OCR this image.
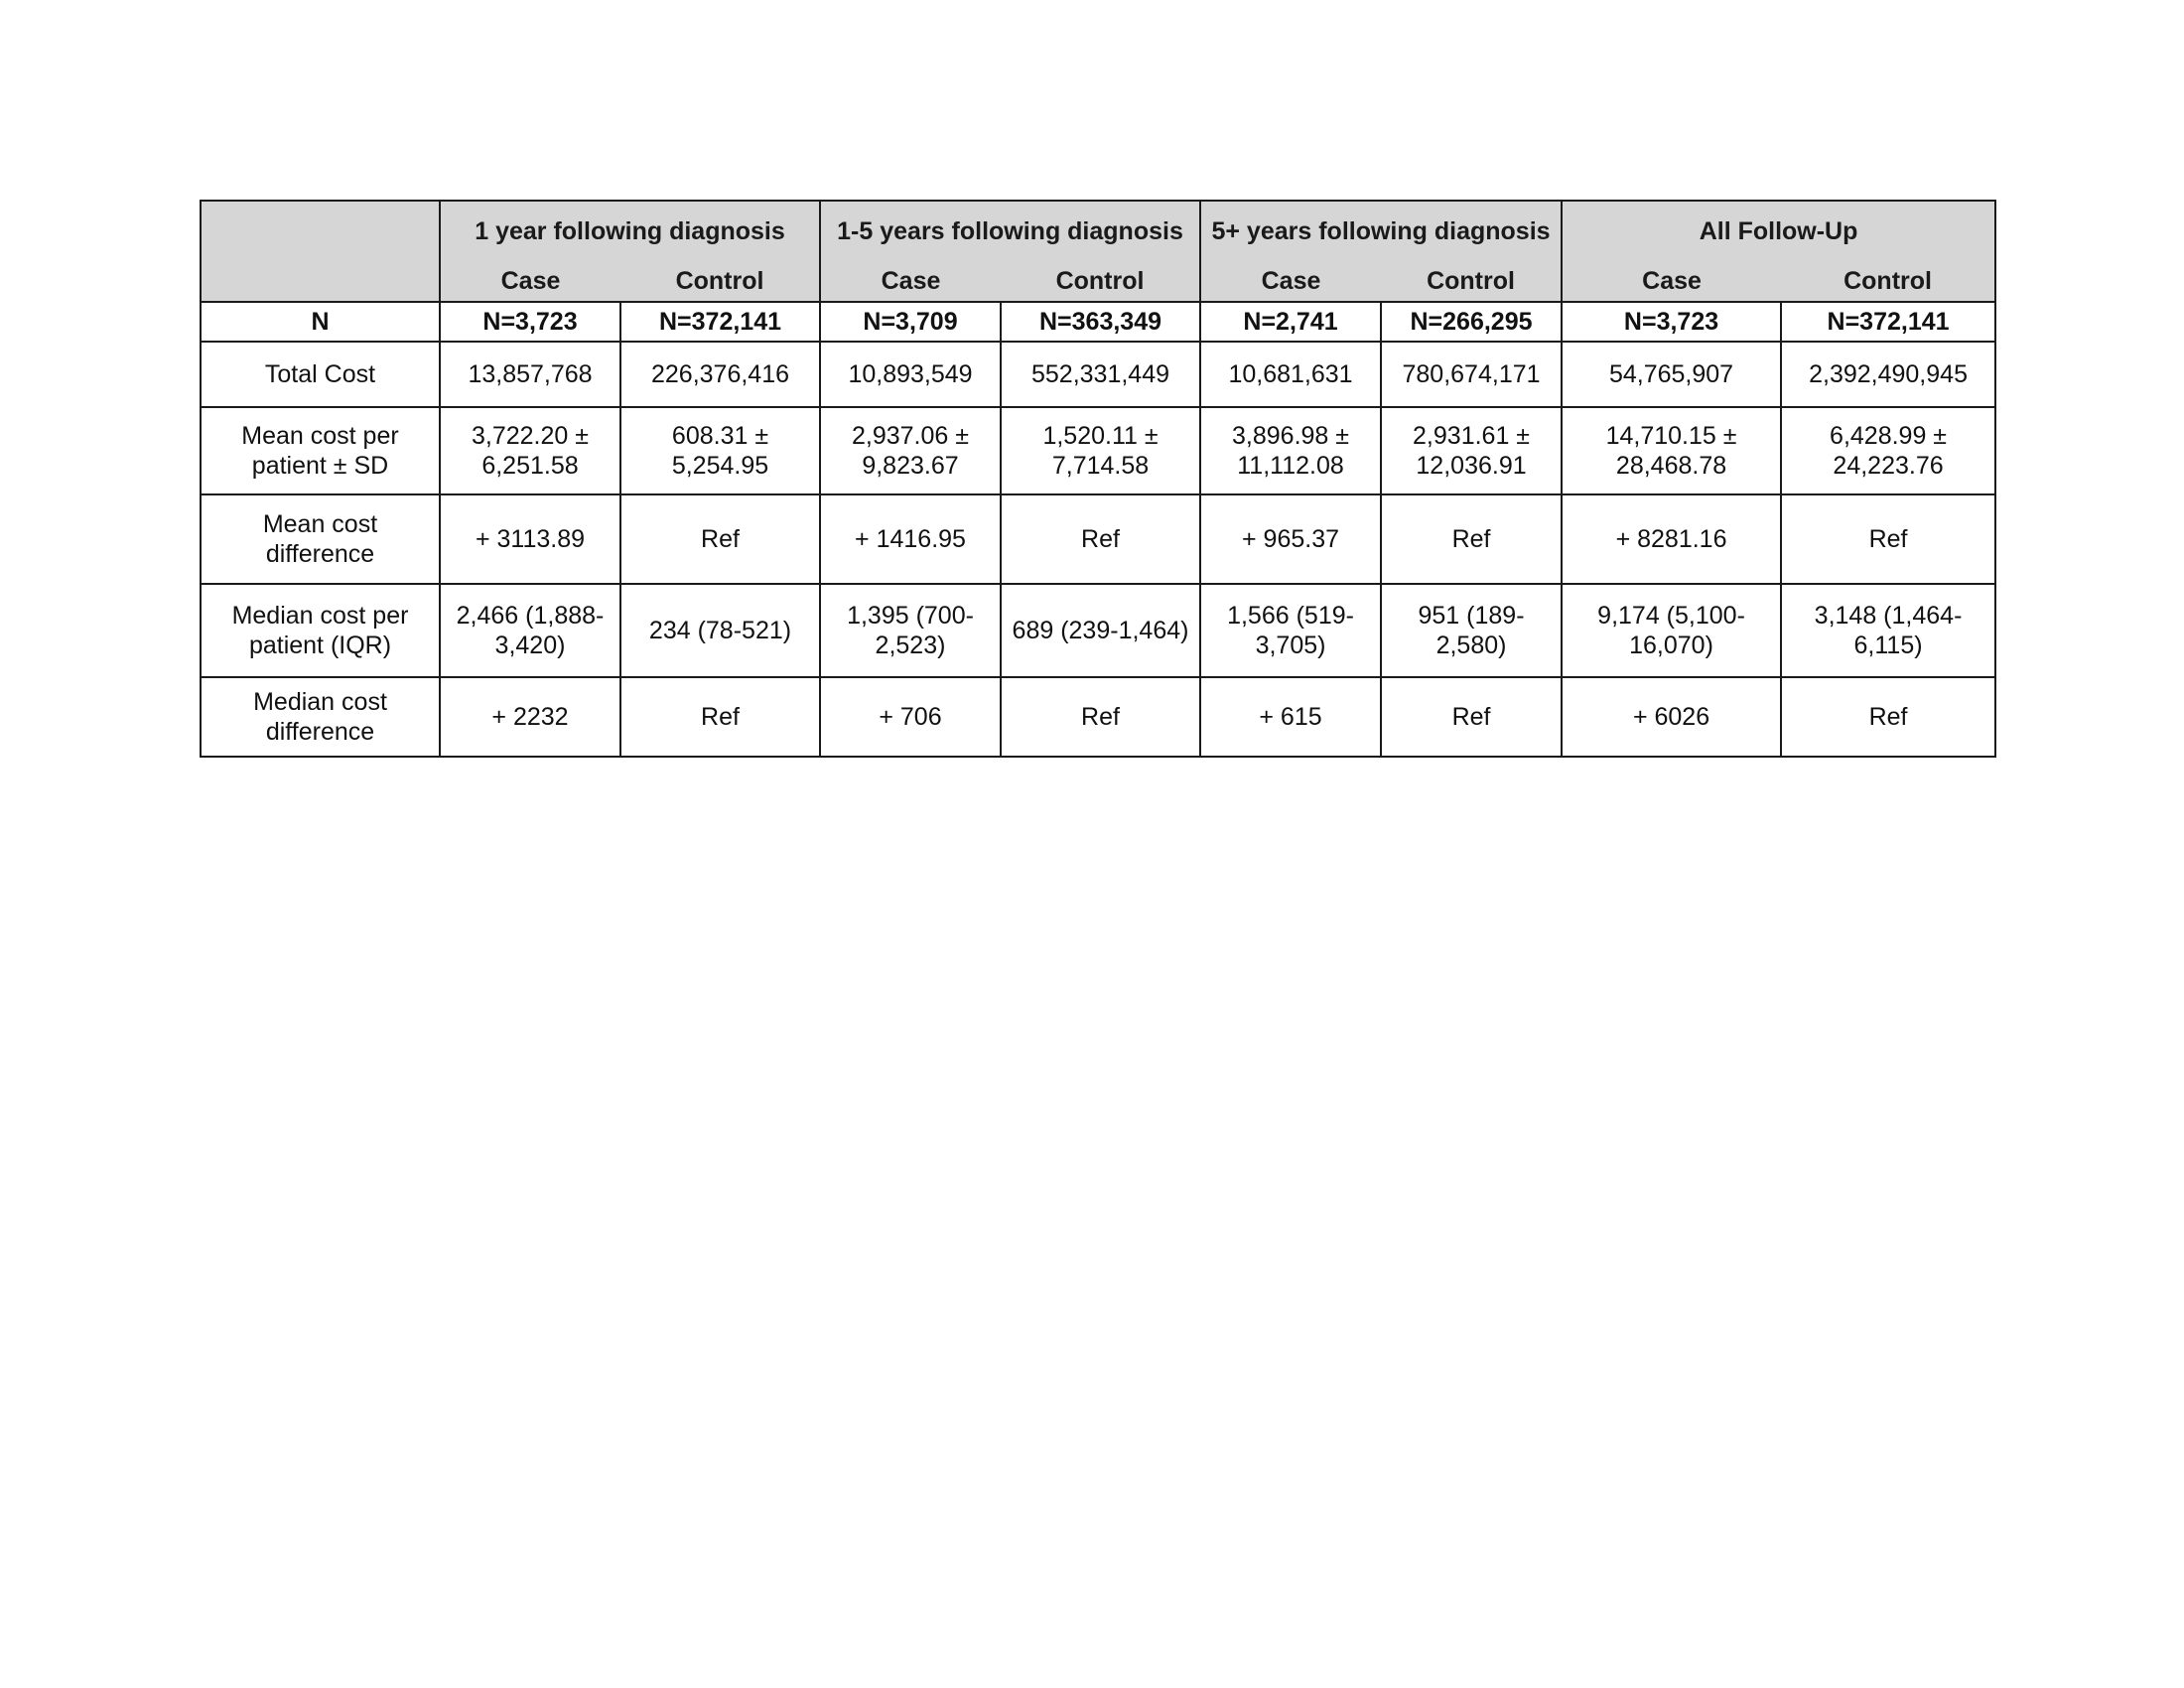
	1 year following diagnosis		1-5 years following diagnosis		5+ years following diagnosis		All Follow-Up	
	Case	Control	Case	Control	Case	Control	Case	Control
N	N=3,723	N=372,141	N=3,709	N=363,349	N=2,741	N=266,295	N=3,723	N=372,141
Total Cost	13,857,768	226,376,416	10,893,549	552,331,449	10,681,631	780,674,171	54,765,907	2,392,490,945
Mean cost per patient ± SD	3,722.20 ± 6,251.58	608.31 ± 5,254.95	2,937.06 ± 9,823.67	1,520.11 ± 7,714.58	3,896.98 ± 11,112.08	2,931.61 ± 12,036.91	14,710.15 ± 28,468.78	6,428.99 ± 24,223.76
Mean cost difference	+ 3113.89	Ref	+ 1416.95	Ref	+ 965.37	Ref	+ 8281.16	Ref
Median cost per patient (IQR)	2,466 (1,888-3,420)	234 (78-521)	1,395 (700-2,523)	689 (239-1,464)	1,566 (519-3,705)	951 (189-2,580)	9,174 (5,100-16,070)	3,148 (1,464-6,115)
Median cost difference	+ 2232	Ref	+ 706	Ref	+ 615	Ref	+ 6026	Ref
